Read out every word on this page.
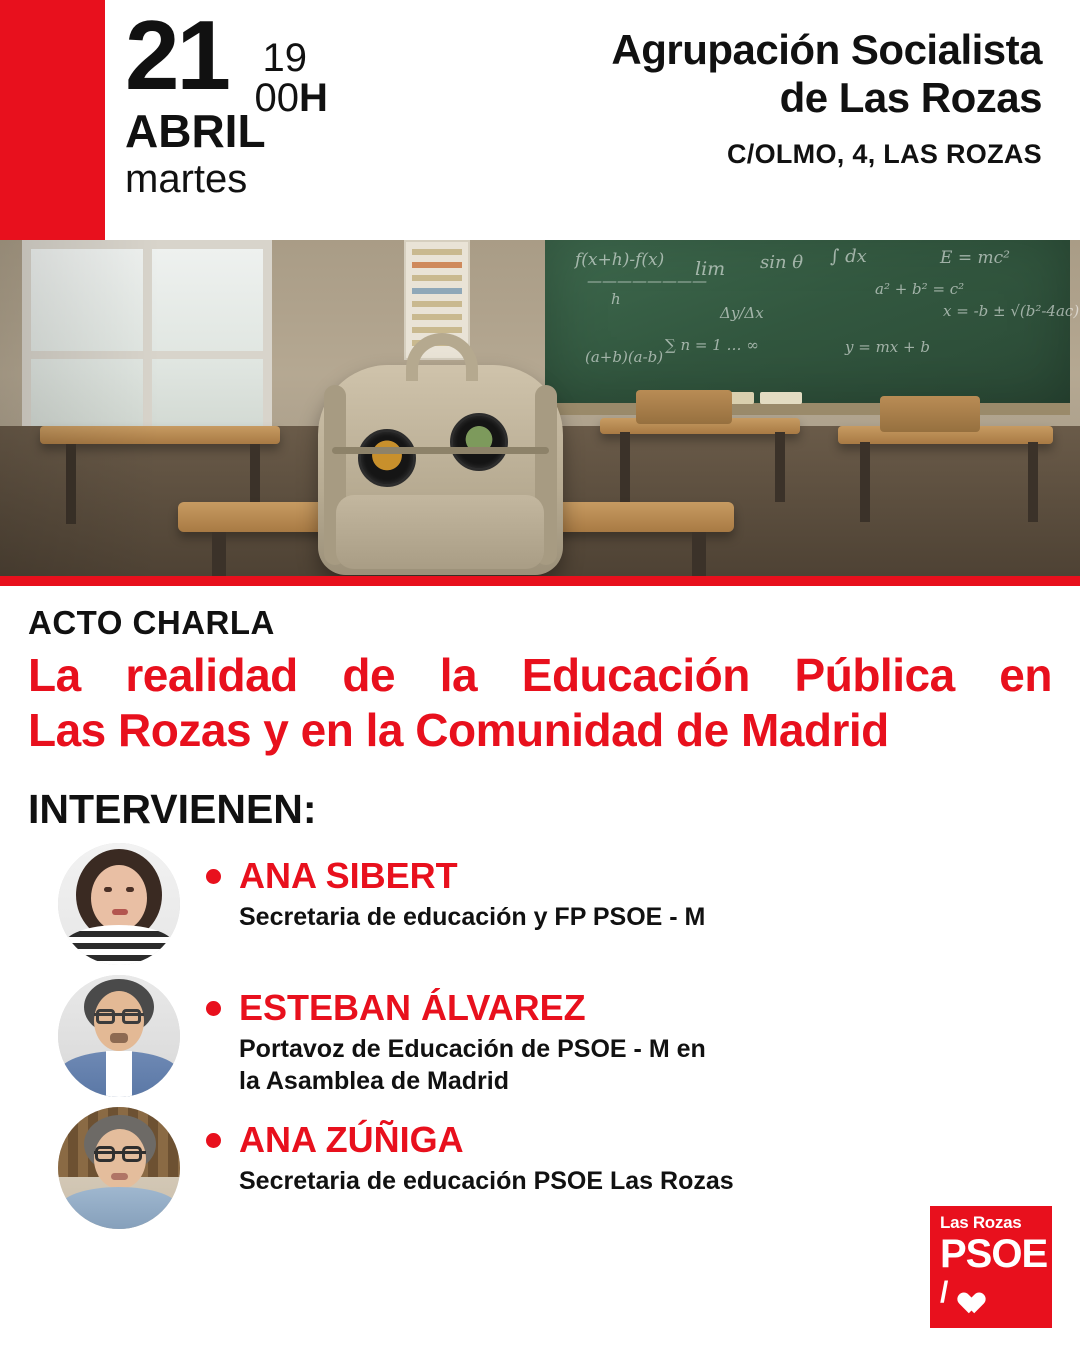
21 19
00H
ABRIL
martes
Agrupación Socialista
de Las Rozas
C/OLMO, 4, LAS ROZAS
f(x+h)-f(x)
————————
h
lim
Δy/Δx
sin θ ∫ dx
a² + b² = c²
E = mc²
x = -b ± √(b²-4ac)
∑ n = 1 … ∞	y = mx + b
(a+b)(a-b)
ACTO CHARLA
La realidad de la Educación Pública en
Las Rozas y en la Comunidad de Madrid
INTERVIENEN:
ANA SIBERT
Secretaria de educación y FP PSOE - M
ESTEBAN ÁLVAREZ
Portavoz de Educación de PSOE - M en
la Asamblea de Madrid
ANA ZÚÑIGA
Secretaria de educación PSOE Las Rozas
Las Rozas
PSOE
/
